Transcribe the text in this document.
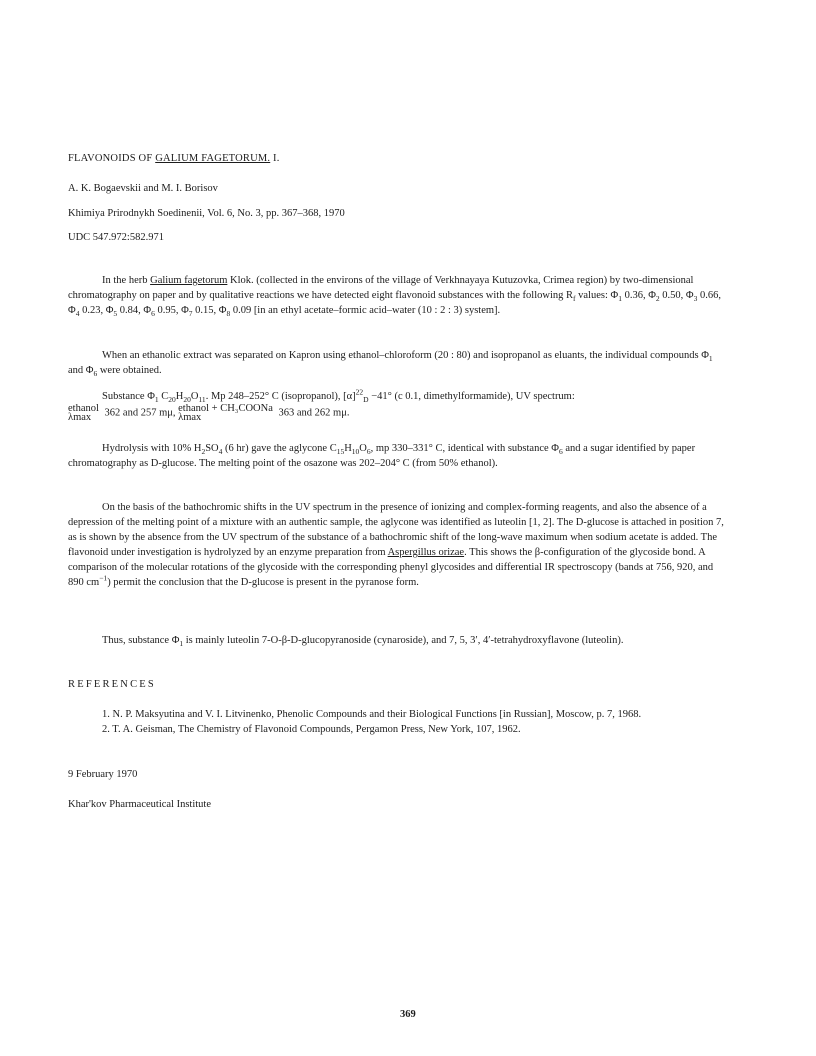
FLAVONOIDS OF GALIUM FAGETORUM. I.
A. K. Bogaevskii and M. I. Borisov
Khimiya Prirodnykh Soedinenii, Vol. 6, No. 3, pp. 367–368, 1970
UDC 547.972:582.971

In the herb Galium fagetorum Klok. (collected in the environs of the village of Verkhnayaya Kutuzovka, Crimea region) by two-dimensional chromatography on paper and by qualitative reactions we have detected eight flavonoid substances with the following $R_f$ values: $\Phi_1$ 0.36, $\Phi_2$ 0.50, $\Phi_3$ 0.66, $\Phi_4$ 0.23, $\Phi_5$ 0.84, $\Phi_6$ 0.95, $\Phi_7$ 0.15, $\Phi_8$ 0.09 [in an ethyl acetate–formic acid–water (10 : 2 : 3) system].

When an ethanolic extract was separated on Kapron using ethanol–chloroform (20 : 80) and isopropanol as eluants, the individual compounds $\Phi_1$ and $\Phi_6$ were obtained.

Substance $\Phi_1$ $C_{20}H_{20}O_{11}$. Mp 248–252° C (isopropanol), $[\alpha]^{22}_D -41^\circ$ (c 0.1, dimethylformamide), UV spectrum:

ethanol
λmax	362 and 257 mμ, ethanol + CH₃COONa
λmax	363 and 262 mμ.

Hydrolysis with 10% $H_2SO_4$ (6 hr) gave the aglycone $C_{15}H_{10}O_6$, mp 330–331° C, identical with substance $\Phi_6$ and a sugar identified by paper chromatography as D-glucose. The melting point of the osazone was 202–204° C (from 50% ethanol).

On the basis of the bathochromic shifts in the UV spectrum in the presence of ionizing and complex-forming reagents, and also the absence of a depression of the melting point of a mixture with an authentic sample, the aglycone was identified as luteolin [1, 2]. The D-glucose is attached in position 7, as is shown by the absence from the UV spectrum of the substance of a bathochromic shift of the long-wave maximum when sodium acetate is added. The flavonoid under investigation is hydrolyzed by an enzyme preparation from Aspergillus orizae. This shows the β-configuration of the glycoside bond. A comparison of the molecular rotations of the glycoside with the corresponding phenyl glycosides and differential IR spectroscopy (bands at 756, 920, and 890 $cm^{-1}$) permit the conclusion that the D-glucose is present in the pyranose form.

Thus, substance $\Phi_1$ is mainly luteolin 7-O-β-D-glucopyranoside (cynaroside), and 7, 5, 3′, 4′-tetrahydroxyflavone (luteolin).

REFERENCES

1. N. P. Maksyutina and V. I. Litvinenko, Phenolic Compounds and their Biological Functions [in Russian], Moscow, p. 7, 1968.

2. T. A. Geisman, The Chemistry of Flavonoid Compounds, Pergamon Press, New York, 107, 1962.

9 February 1970
Khar'kov Pharmaceutical Institute
369
